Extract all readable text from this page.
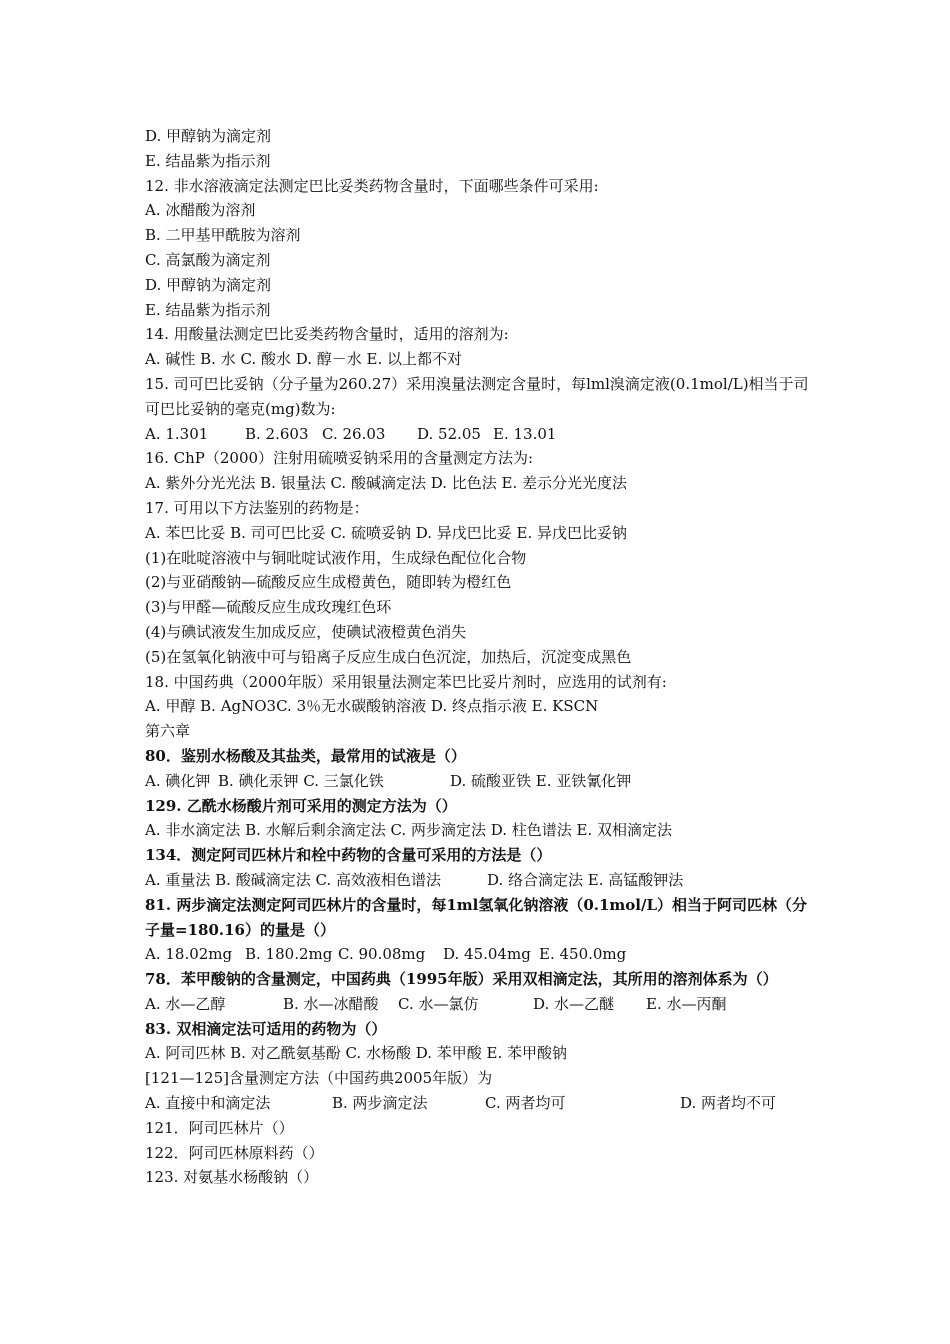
D. 甲醇钠为滴定剂
E. 结晶紫为指示剂
12. 非水溶液滴定法测定巴比妥类药物含量时，下面哪些条件可采用:
A. 冰醋酸为溶剂
B. 二甲基甲酰胺为溶剂
C. 高氯酸为滴定剂
D. 甲醇钠为滴定剂
E. 结晶紫为指示剂
14. 用酸量法测定巴比妥类药物含量时，适用的溶剂为:
A. 碱性 B. 水 C. 酸水 D. 醇－水 E. 以上都不对
15. 司可巴比妥钠（分子量为260.27）采用溴量法测定含量时，每lml溴滴定液(0.1mol/L)相当于司可巴比妥钠的毫克(mg)数为:
A. 1.301 B. 2.603 C. 26.03 D. 52.05 E. 13.01
16. ChP（2000）注射用硫喷妥钠采用的含量测定方法为:
A. 紫外分光光法 B. 银量法 C. 酸碱滴定法 D. 比色法 E. 差示分光光度法
17. 可用以下方法鉴别的药物是：
A. 苯巴比妥 B. 司可巴比妥 C. 硫喷妥钠 D. 异戊巴比妥 E. 异戊巴比妥钠
(1)在吡啶溶液中与铜吡啶试液作用，生成绿色配位化合物
(2)与亚硝酸钠—硫酸反应生成橙黄色，随即转为橙红色
(3)与甲醛—硫酸反应生成玫瑰红色环
(4)与碘试液发生加成反应，使碘试液橙黄色消失
(5)在氢氧化钠液中可与铅离子反应生成白色沉淀，加热后，沉淀变成黑色
18. 中国药典（2000年版）采用银量法测定苯巴比妥片剂时，应选用的试剂有:
A. 甲醇 B. AgNO3C. 3％无水碳酸钠溶液 D. 终点指示液 E. KSCN
第六章
80．鉴别水杨酸及其盐类，最常用的试液是（）
A. 碘化钾 B. 碘化汞钾 C. 三氯化铁	D. 硫酸亚铁 E. 亚铁氰化钾
129. 乙酰水杨酸片剂可采用的测定方法为（）
A. 非水滴定法 B. 水解后剩余滴定法 C. 两步滴定法 D. 柱色谱法 E. 双相滴定法
134．测定阿司匹林片和栓中药物的含量可采用的方法是（）
A. 重量法 B. 酸碱滴定法 C. 高效液相色谱法	D. 络合滴定法 E. 高锰酸钾法
81. 两步滴定法测定阿司匹林片的含量时，每1ml氢氧化钠溶液（0.1mol/L）相当于阿司匹林（分子量=180.16）的量是（）
A. 18.02mg B. 180.2mg C. 90.08mg D. 45.04mg E. 450.0mg
78．苯甲酸钠的含量测定，中国药典（1995年版）采用双相滴定法，其所用的溶剂体系为（）
A. 水—乙醇	B. 水—冰醋酸 C. 水—氯仿	D. 水—乙醚 E. 水—丙酮
83. 双相滴定法可适用的药物为（）
A. 阿司匹林 B. 对乙酰氨基酚 C. 水杨酸 D. 苯甲酸 E. 苯甲酸钠
[121—125]含量测定方法（中国药典2005年版）为
A. 直接中和滴定法	B. 两步滴定法	C. 两者均可	D. 两者均不可
121．阿司匹林片（）
122．阿司匹林原料药（）
123. 对氨基水杨酸钠（）
